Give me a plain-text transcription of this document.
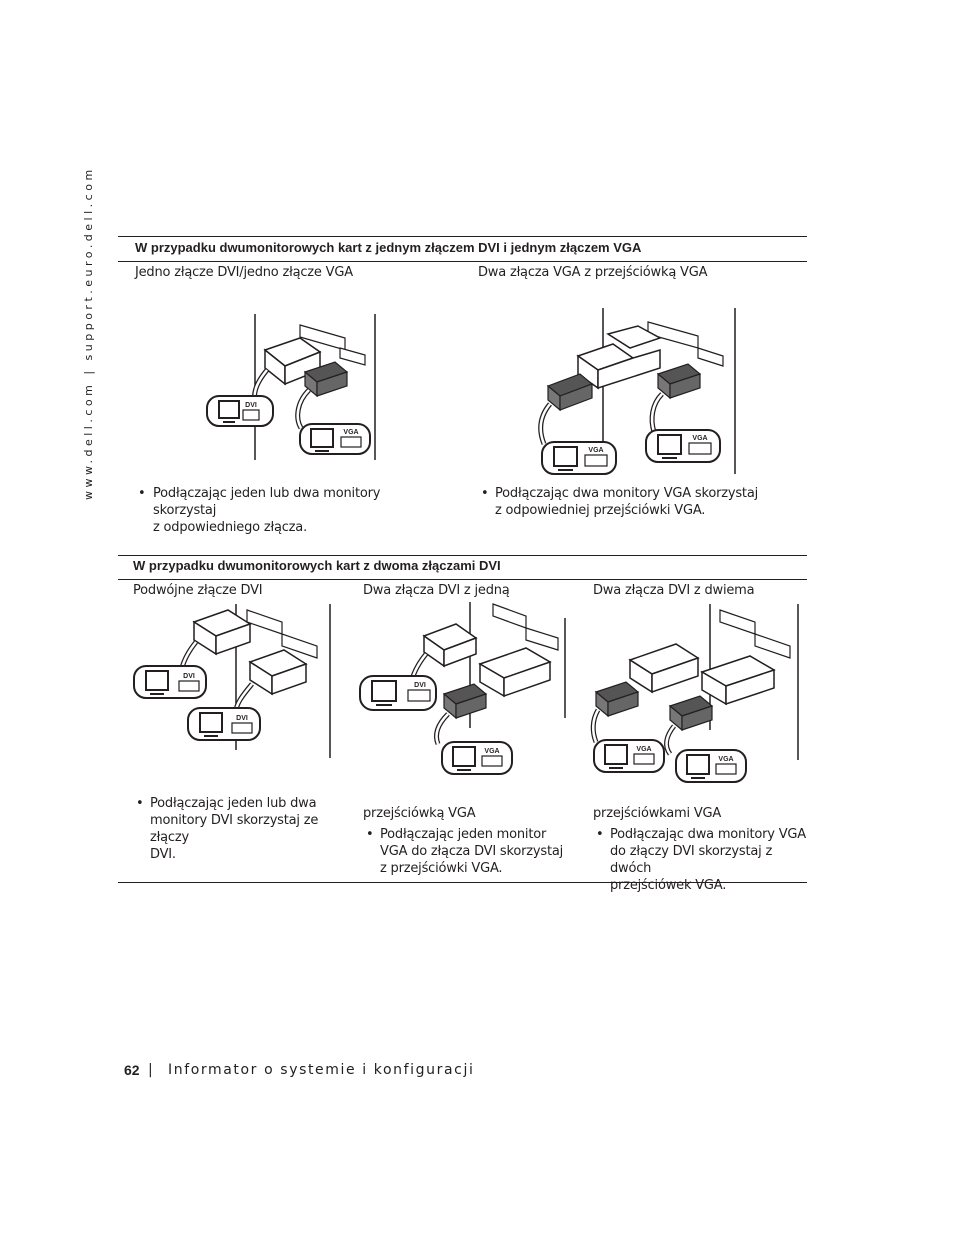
www.dell.com | support.euro.dell.com	W przypadku dwumonitorowych kart z jednym złączem DVI i jednym złączem VGA
Jedno złącze DVI/jedno złącze VGA	Dwa złącza VGA z przejściówką VGA
DVI
VGA
VGA
VGA
• Podłączając jeden lub dwa monitory skorzystaj
z odpowiedniego złącza.
• Podłączając dwa monitory VGA skorzystaj
z odpowiedniej przejściówki VGA.
W przypadku dwumonitorowych kart z dwoma złączami DVI
Podwójne złącze DVI	Dwa złącza DVI z jedną	Dwa złącza DVI z dwiema
DVI
DVI
DVI
VGA	VGA
VGA
• Podłączając jeden lub dwa
monitory DVI skorzystaj ze złączy
DVI.
przejściówką VGA
• Podłączając jeden monitor
VGA do złącza DVI skorzystaj
z przejściówki VGA.
przejściówkami VGA
• Podłączając dwa monitory VGA
do złączy DVI skorzystaj z dwóch
przejściówek VGA.
62 | Informator o systemie i konfiguracji
